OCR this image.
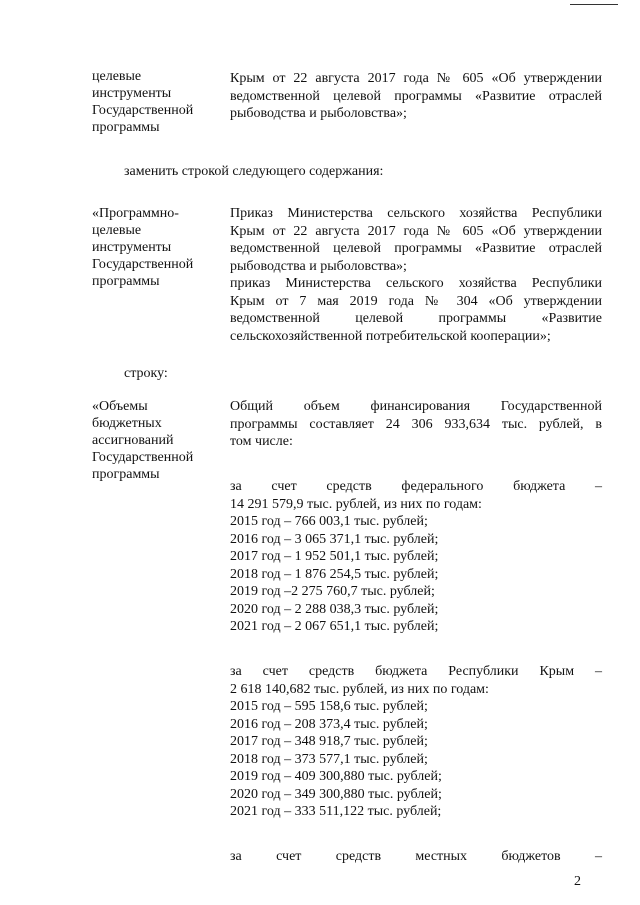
целевые
инструменты
Государственной
программы

Крым от 22 августа 2017 года № 605 «Об утверждении

ведомственной целевой программы «Развитие отраслей

рыбоводства и рыболовства»;

заменить строкой следующего содержания:
«Программно-
целевые
инструменты
Государственной
программы

Приказ Министерства сельского хозяйства Республики

Крым от 22 августа 2017 года № 605 «Об утверждении

ведомственной целевой программы «Развитие отраслей

рыбоводства и рыболовства»;

приказ Министерства сельского хозяйства Республики

Крым от 7 мая 2019 года № 304 «Об утверждении

ведомственной целевой программы «Развитие

сельскохозяйственной потребительской кооперации»;

строку:
«Объемы
бюджетных
ассигнований
Государственной
программы

Общий объем финансирования Государственной

программы составляет 24 306 933,634 тыс. рублей, в

том числе:

за счет средств федерального бюджета –

14 291 579,9 тыс. рублей, из них по годам:

2015 год – 766 003,1 тыс. рублей;

2016 год – 3 065 371,1 тыс. рублей;

2017 год – 1 952 501,1 тыс. рублей;

2018 год – 1 876 254,5 тыс. рублей;

2019 год –2 275 760,7 тыс. рублей;

2020 год – 2 288 038,3 тыс. рублей;

2021 год – 2 067 651,1 тыс. рублей;

за счет средств бюджета Республики Крым –

2 618 140,682 тыс. рублей, из них по годам:

2015 год – 595 158,6 тыс. рублей;

2016 год – 208 373,4 тыс. рублей;

2017 год – 348 918,7 тыс. рублей;

2018 год – 373 577,1 тыс. рублей;

2019 год – 409 300,880 тыс. рублей;

2020 год – 349 300,880 тыс. рублей;

2021 год – 333 511,122 тыс. рублей;

за счет средств местных бюджетов –

2
